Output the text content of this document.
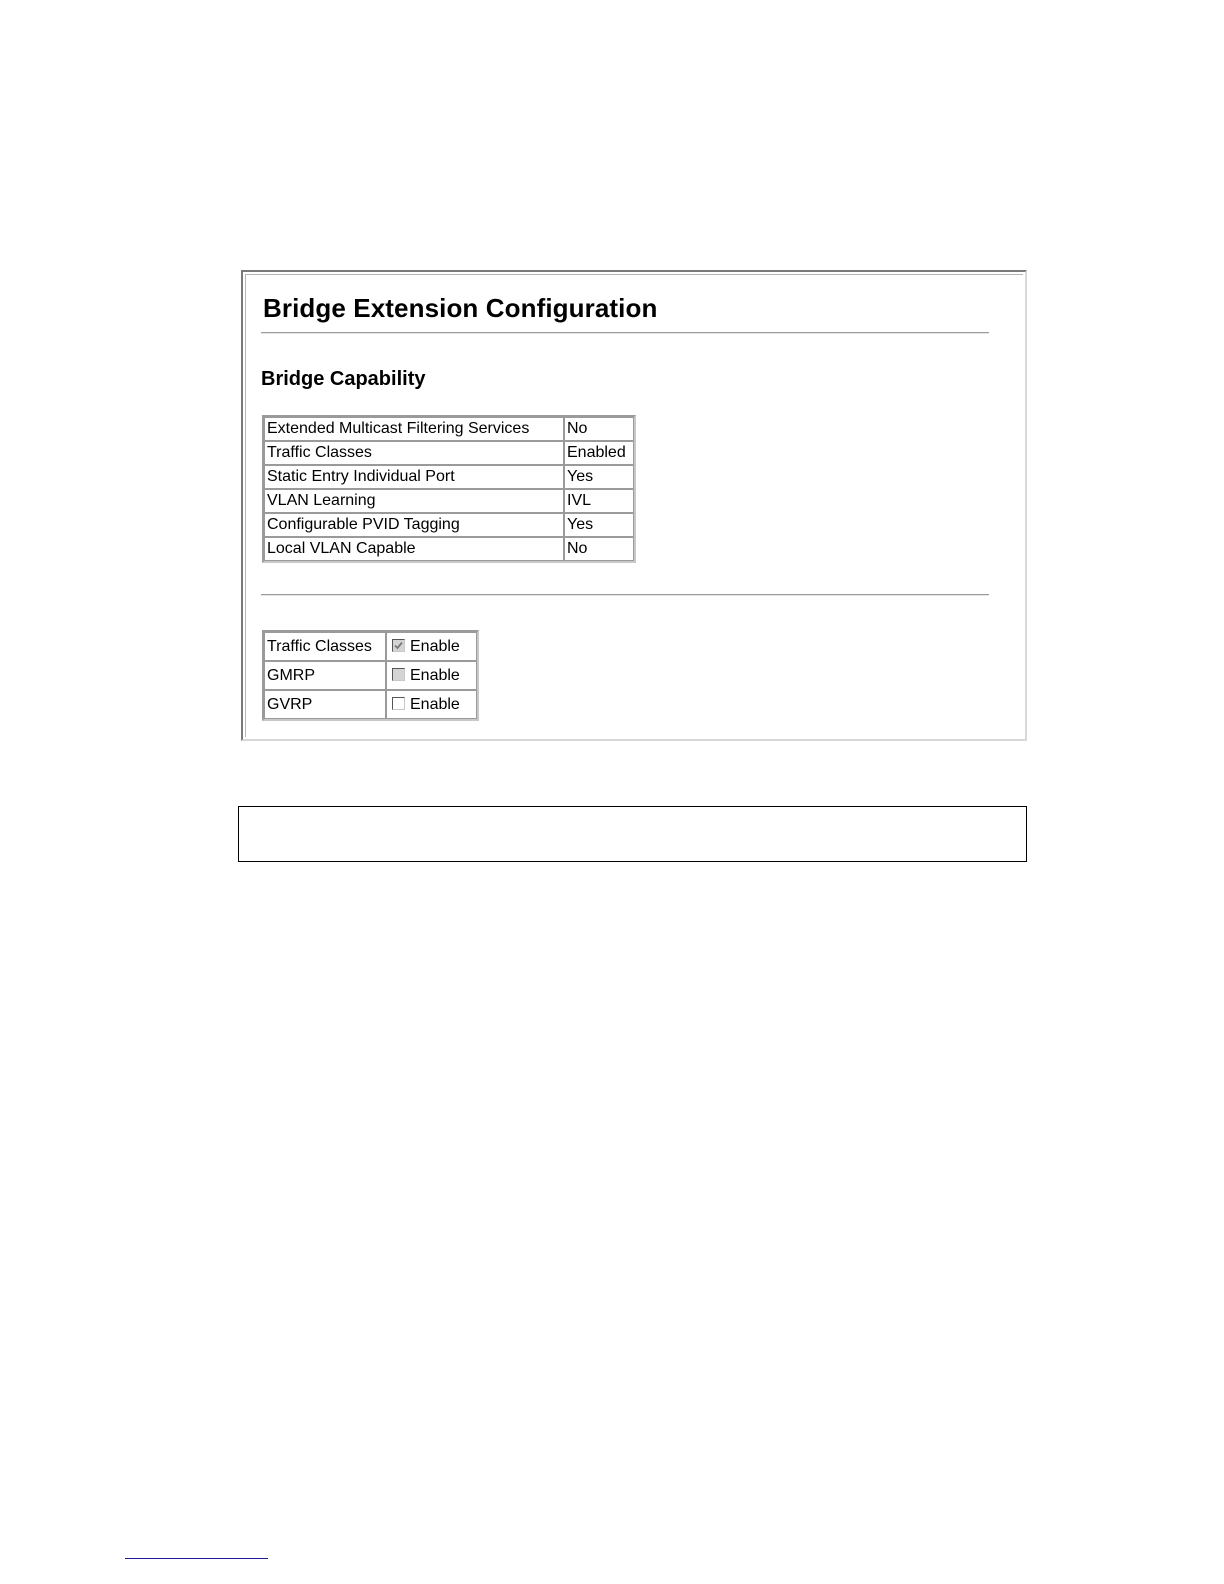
Bridge Extension Configuration
Bridge Capability
Extended Multicast Filtering Services	No
Traffic Classes	Enabled
Static Entry Individual Port	Yes
VLAN Learning	IVL
Configurable PVID Tagging	Yes
Local VLAN Capable	No
Traffic Classes	Enable
GMRP	Enable
GVRP	Enable
